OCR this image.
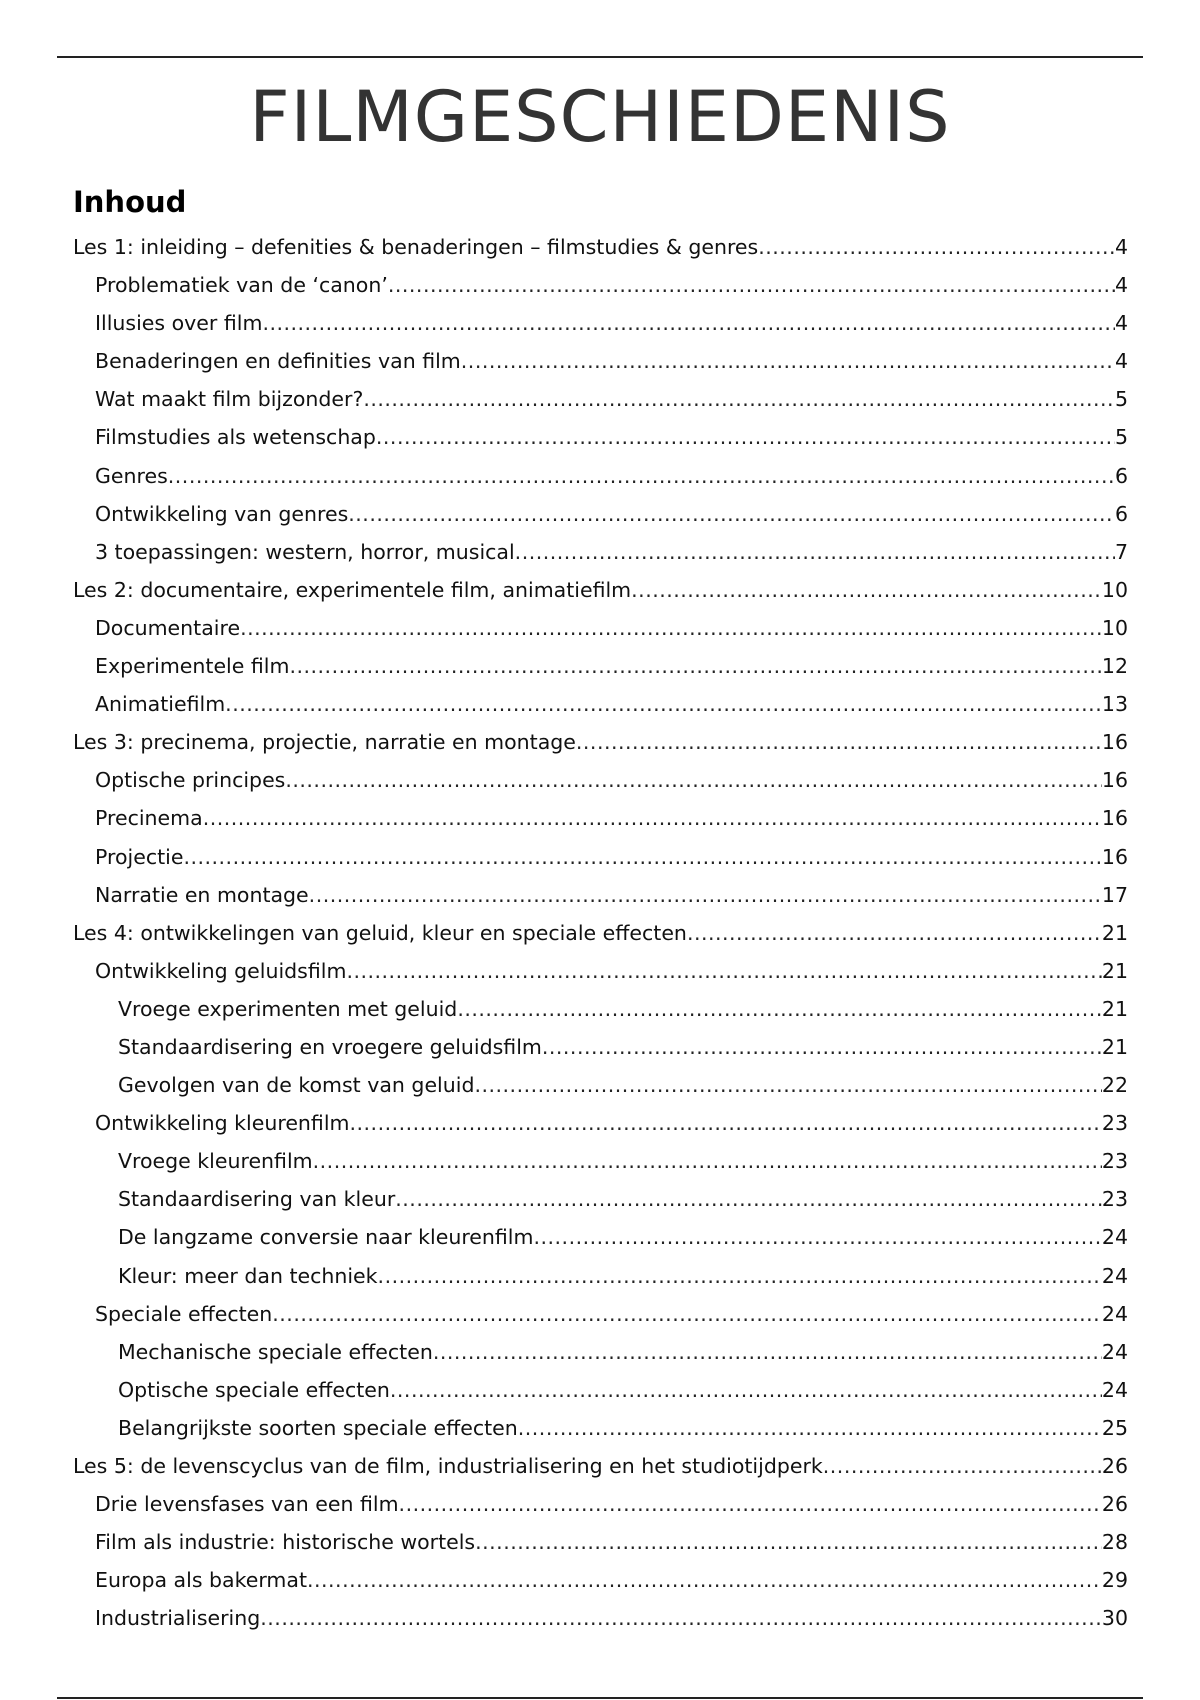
FILMGESCHIEDENIS
Inhoud
Les 1: inleiding – defenities & benaderingen – filmstudies & genres .....	4
Problematiek van de ‘canon’ .....	4
Illusies over film .....	4
Benaderingen en definities van film .....	4
Wat maakt film bijzonder? .....	5
Filmstudies als wetenschap .....	5
Genres .....	6
Ontwikkeling van genres .....	6
3 toepassingen: western, horror, musical .....	7
Les 2: documentaire, experimentele film, animatiefilm .....	10
Documentaire .....	10
Experimentele film .....	12
Animatiefilm .....	13
Les 3: precinema, projectie, narratie en montage .....	16
Optische principes .....	16
Precinema .....	16
Projectie .....	16
Narratie en montage .....	17
Les 4: ontwikkelingen van geluid, kleur en speciale effecten .....	21
Ontwikkeling geluidsfilm .....	21
Vroege experimenten met geluid .....	21
Standaardisering en vroegere geluidsfilm .....	21
Gevolgen van de komst van geluid .....	22
Ontwikkeling kleurenfilm .....	23
Vroege kleurenfilm .....	23
Standaardisering van kleur .....	23
De langzame conversie naar kleurenfilm .....	24
Kleur: meer dan techniek .....	24
Speciale effecten .....	24
Mechanische speciale effecten .....	24
Optische speciale effecten .....	24
Belangrijkste soorten speciale effecten .....	25
Les 5: de levenscyclus van de film, industrialisering en het studiotijdperk .....	26
Drie levensfases van een film .....	26
Film als industrie: historische wortels .....	28
Europa als bakermat .....	29
Industrialisering .....	30
